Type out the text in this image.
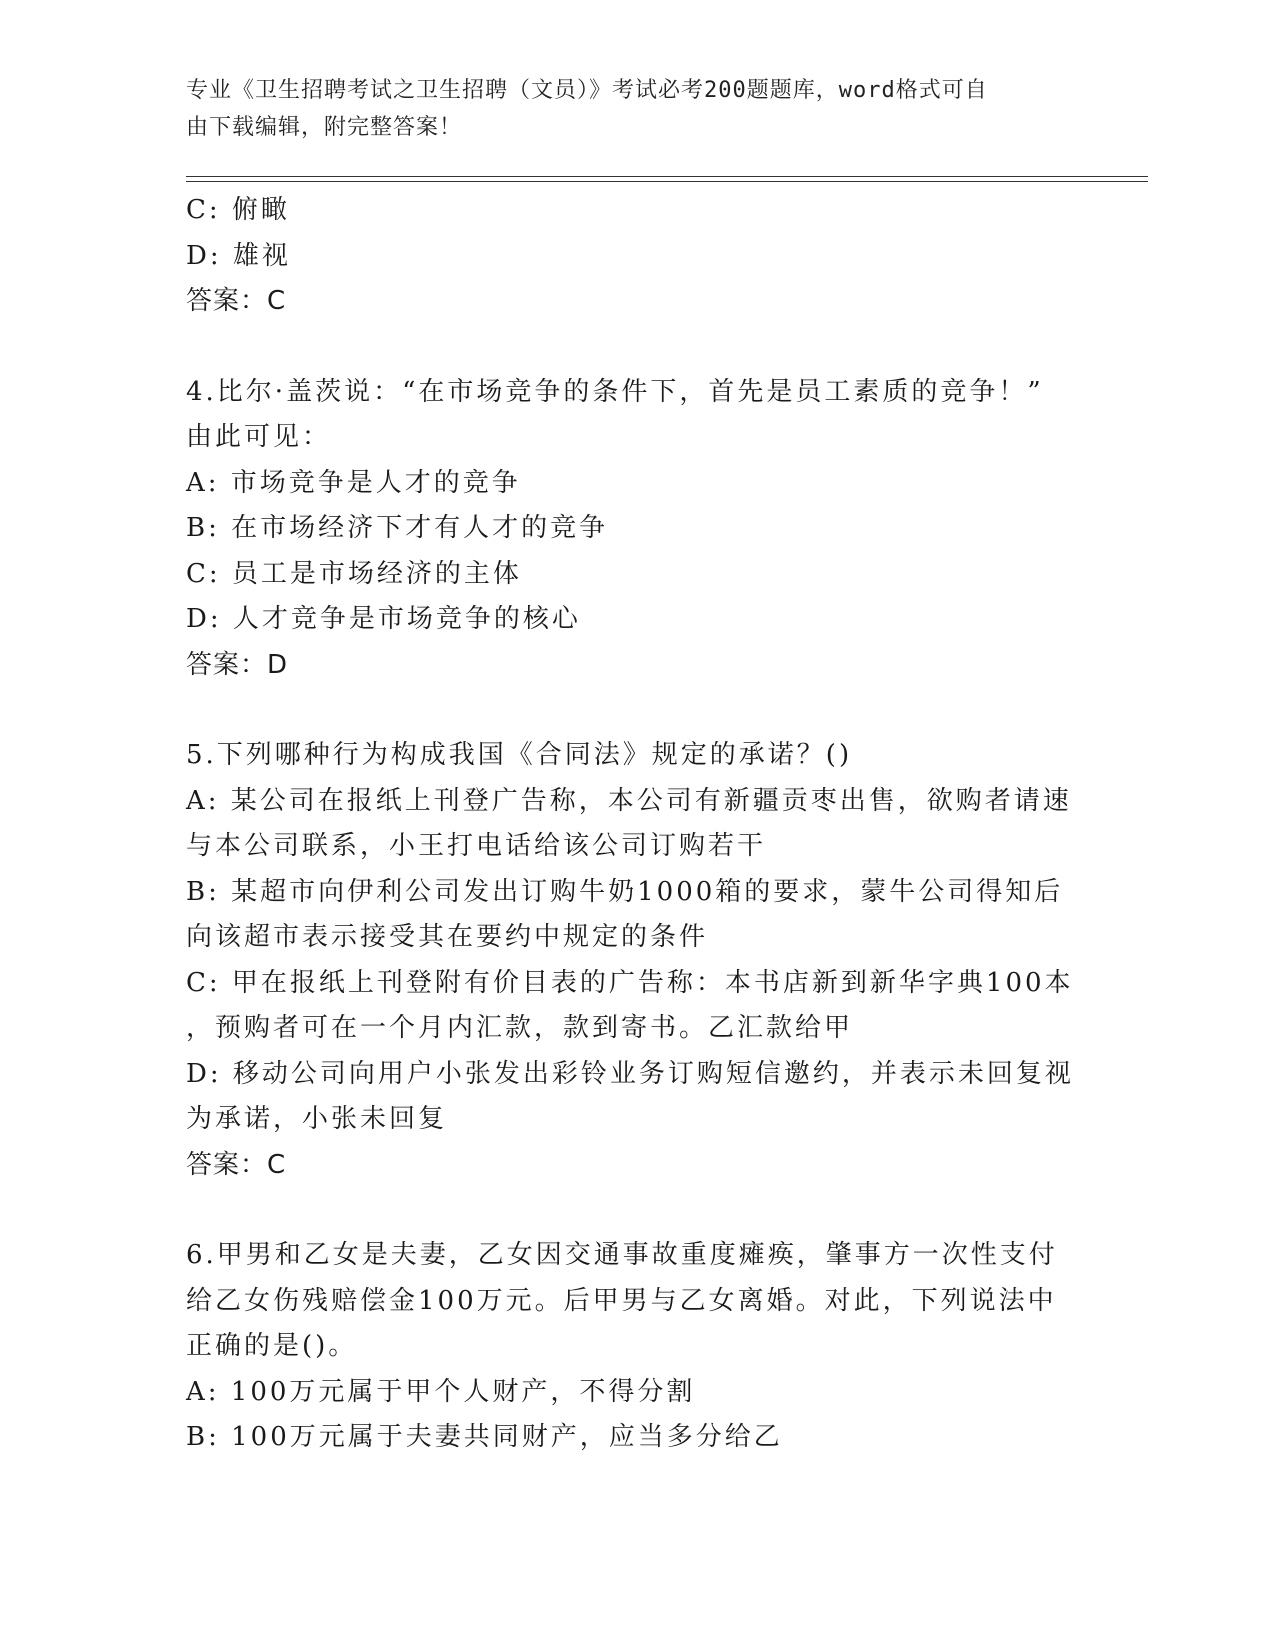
专业《卫生招聘考试之卫生招聘（文员）》考试必考200题题库，word格式可自
由下载编辑，附完整答案！
C: 俯瞰
D: 雄视
答案：C
4.比尔·盖茨说：“在市场竞争的条件下，首先是员工素质的竞争！”
由此可见：
A: 市场竞争是人才的竞争
B: 在市场经济下才有人才的竞争
C: 员工是市场经济的主体
D: 人才竞争是市场竞争的核心
答案：D
5.下列哪种行为构成我国《合同法》规定的承诺？()
A: 某公司在报纸上刊登广告称，本公司有新疆贡枣出售，欲购者请速
与本公司联系，小王打电话给该公司订购若干
B: 某超市向伊利公司发出订购牛奶1000箱的要求，蒙牛公司得知后
向该超市表示接受其在要约中规定的条件
C: 甲在报纸上刊登附有价目表的广告称：本书店新到新华字典100本
，预购者可在一个月内汇款，款到寄书。乙汇款给甲
D: 移动公司向用户小张发出彩铃业务订购短信邀约，并表示未回复视
为承诺，小张未回复
答案：C
6.甲男和乙女是夫妻，乙女因交通事故重度瘫痪，肇事方一次性支付
给乙女伤残赔偿金100万元。后甲男与乙女离婚。对此，下列说法中
正确的是()。
A: 100万元属于甲个人财产，不得分割
B: 100万元属于夫妻共同财产，应当多分给乙
